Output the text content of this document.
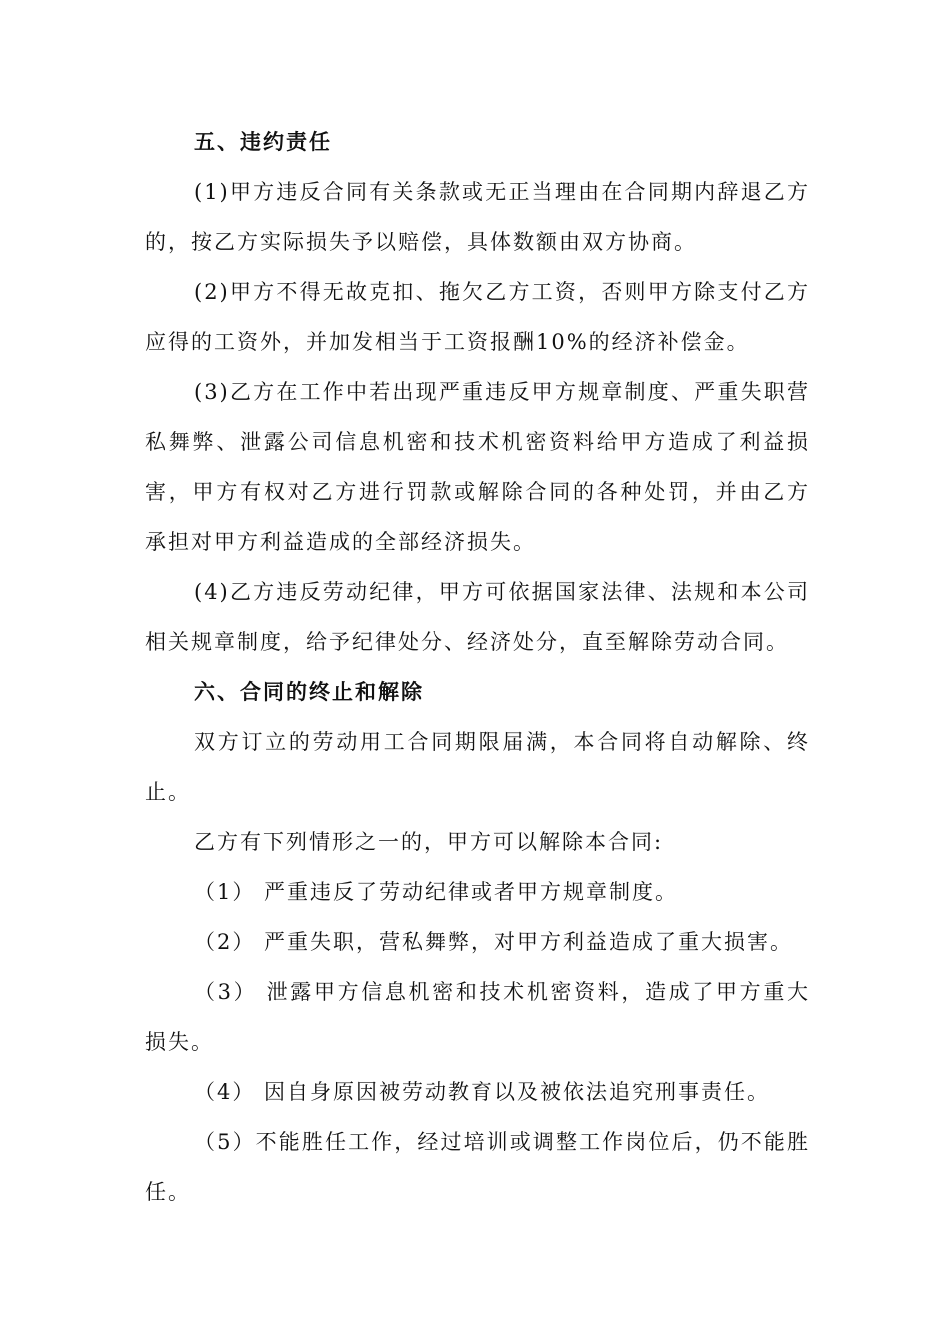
五、违约责任

(1)甲方违反合同有关条款或无正当理由在合同期内辞退乙方的，按乙方实际损失予以赔偿，具体数额由双方协商。

(2)甲方不得无故克扣、拖欠乙方工资，否则甲方除支付乙方应得的工资外，并加发相当于工资报酬10%的经济补偿金。

(3)乙方在工作中若出现严重违反甲方规章制度、严重失职营私舞弊、泄露公司信息机密和技术机密资料给甲方造成了利益损害，甲方有权对乙方进行罚款或解除合同的各种处罚，并由乙方承担对甲方利益造成的全部经济损失。

(4)乙方违反劳动纪律，甲方可依据国家法律、法规和本公司相关规章制度，给予纪律处分、经济处分，直至解除劳动合同。

六、合同的终止和解除

双方订立的劳动用工合同期限届满，本合同将自动解除、终止。

乙方有下列情形之一的，甲方可以解除本合同:

（1） 严重违反了劳动纪律或者甲方规章制度。

（2） 严重失职，营私舞弊，对甲方利益造成了重大损害。

（3） 泄露甲方信息机密和技术机密资料，造成了甲方重大损失。

（4） 因自身原因被劳动教育以及被依法追究刑事责任。

（5）不能胜任工作，经过培训或调整工作岗位后，仍不能胜任。
